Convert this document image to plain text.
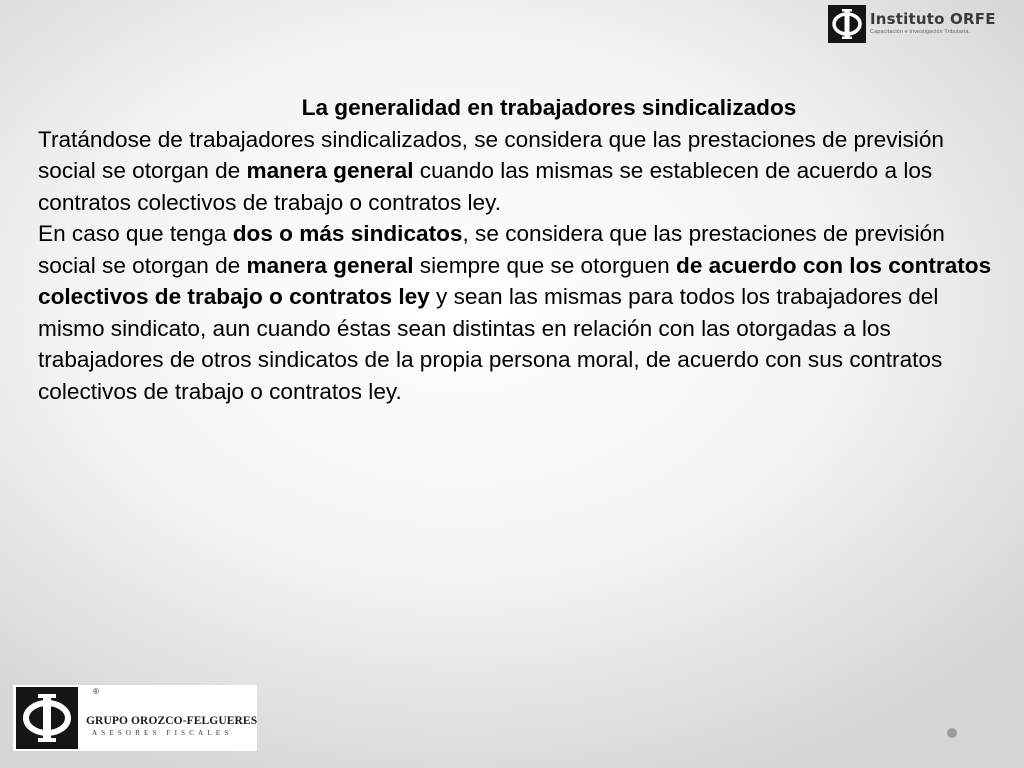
Instituto ORFE
Capacitación e Investigación Tributaria.
La generalidad en trabajadores sindicalizados

Tratándose de trabajadores sindicalizados, se considera que las prestaciones de previsión social se otorgan de manera general cuando las mismas se establecen de acuerdo a los contratos colectivos de trabajo o contratos ley.

En caso que tenga dos o más sindicatos, se considera que las prestaciones de previsión social se otorgan de manera general siempre que se otorguen de acuerdo con los contratos colectivos de trabajo o contratos ley y sean las mismas para todos los trabajadores del mismo sindicato, aun cuando éstas sean distintas en relación con las otorgadas a los trabajadores de otros sindicatos de la propia persona moral, de acuerdo con sus contratos colectivos de trabajo o contratos ley.

®
GRUPO OROZCO-FELGUERES
ASESORES FISCALES
